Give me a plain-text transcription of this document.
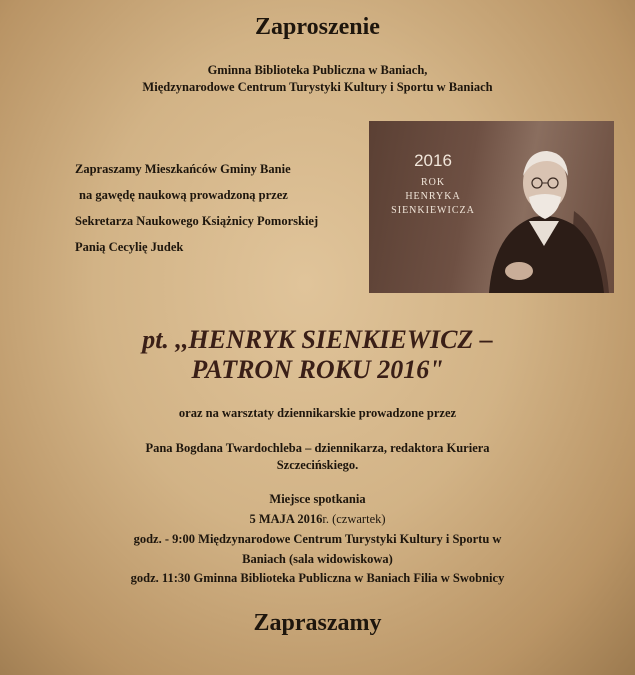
Zaproszenie
Gminna Biblioteka Publiczna w Baniach,
Międzynarodowe Centrum Turystyki Kultury i Sportu w Baniach
Zapraszamy Mieszkańców Gminy Banie
na gawędę naukową prowadzoną przez
Sekretarza Naukowego Książnicy Pomorskiej
Panią Cecylię Judek
2016
ROK
HENRYKA
SIENKIEWICZA
pt. ,,HENRYK SIENKIEWICZ –
PATRON ROKU 2016"
oraz na warsztaty dziennikarskie prowadzone przez
Pana Bogdana Twardochleba – dziennikarza, redaktora Kuriera
Szczecińskiego.
Miejsce spotkania
5 MAJA 2016r. (czwartek)
godz. - 9:00 Międzynarodowe Centrum Turystyki Kultury i Sportu w
Baniach (sala widowiskowa)
godz. 11:30 Gminna Biblioteka Publiczna w Baniach Filia w Swobnicy
Zapraszamy
